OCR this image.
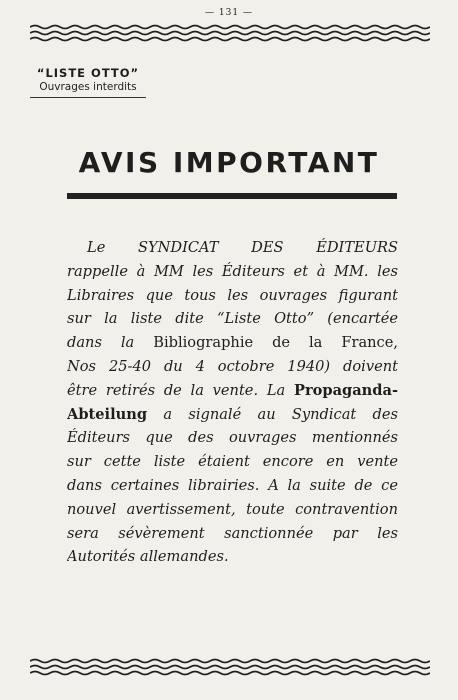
— 131 —
“LISTE OTTO”
Ouvrages interdits
AVIS IMPORTANT
Le SYNDICAT DES ÉDITEURS
rappelle à MM les Éditeurs et à MM. les
Libraires que tous les ouvrages figurant
sur la liste dite “Liste Otto” (encartée
dans la Bibliographie de la France,
Nos 25-40 du 4 octobre 1940) doivent
être retirés de la vente. La Propaganda-
Abteilung a signalé au Syndicat des
Éditeurs que des ouvrages mentionnés
sur cette liste étaient encore en vente
dans certaines librairies. A la suite de ce
nouvel avertissement, toute contravention
sera sévèrement sanctionnée par les
Autorités allemandes.
